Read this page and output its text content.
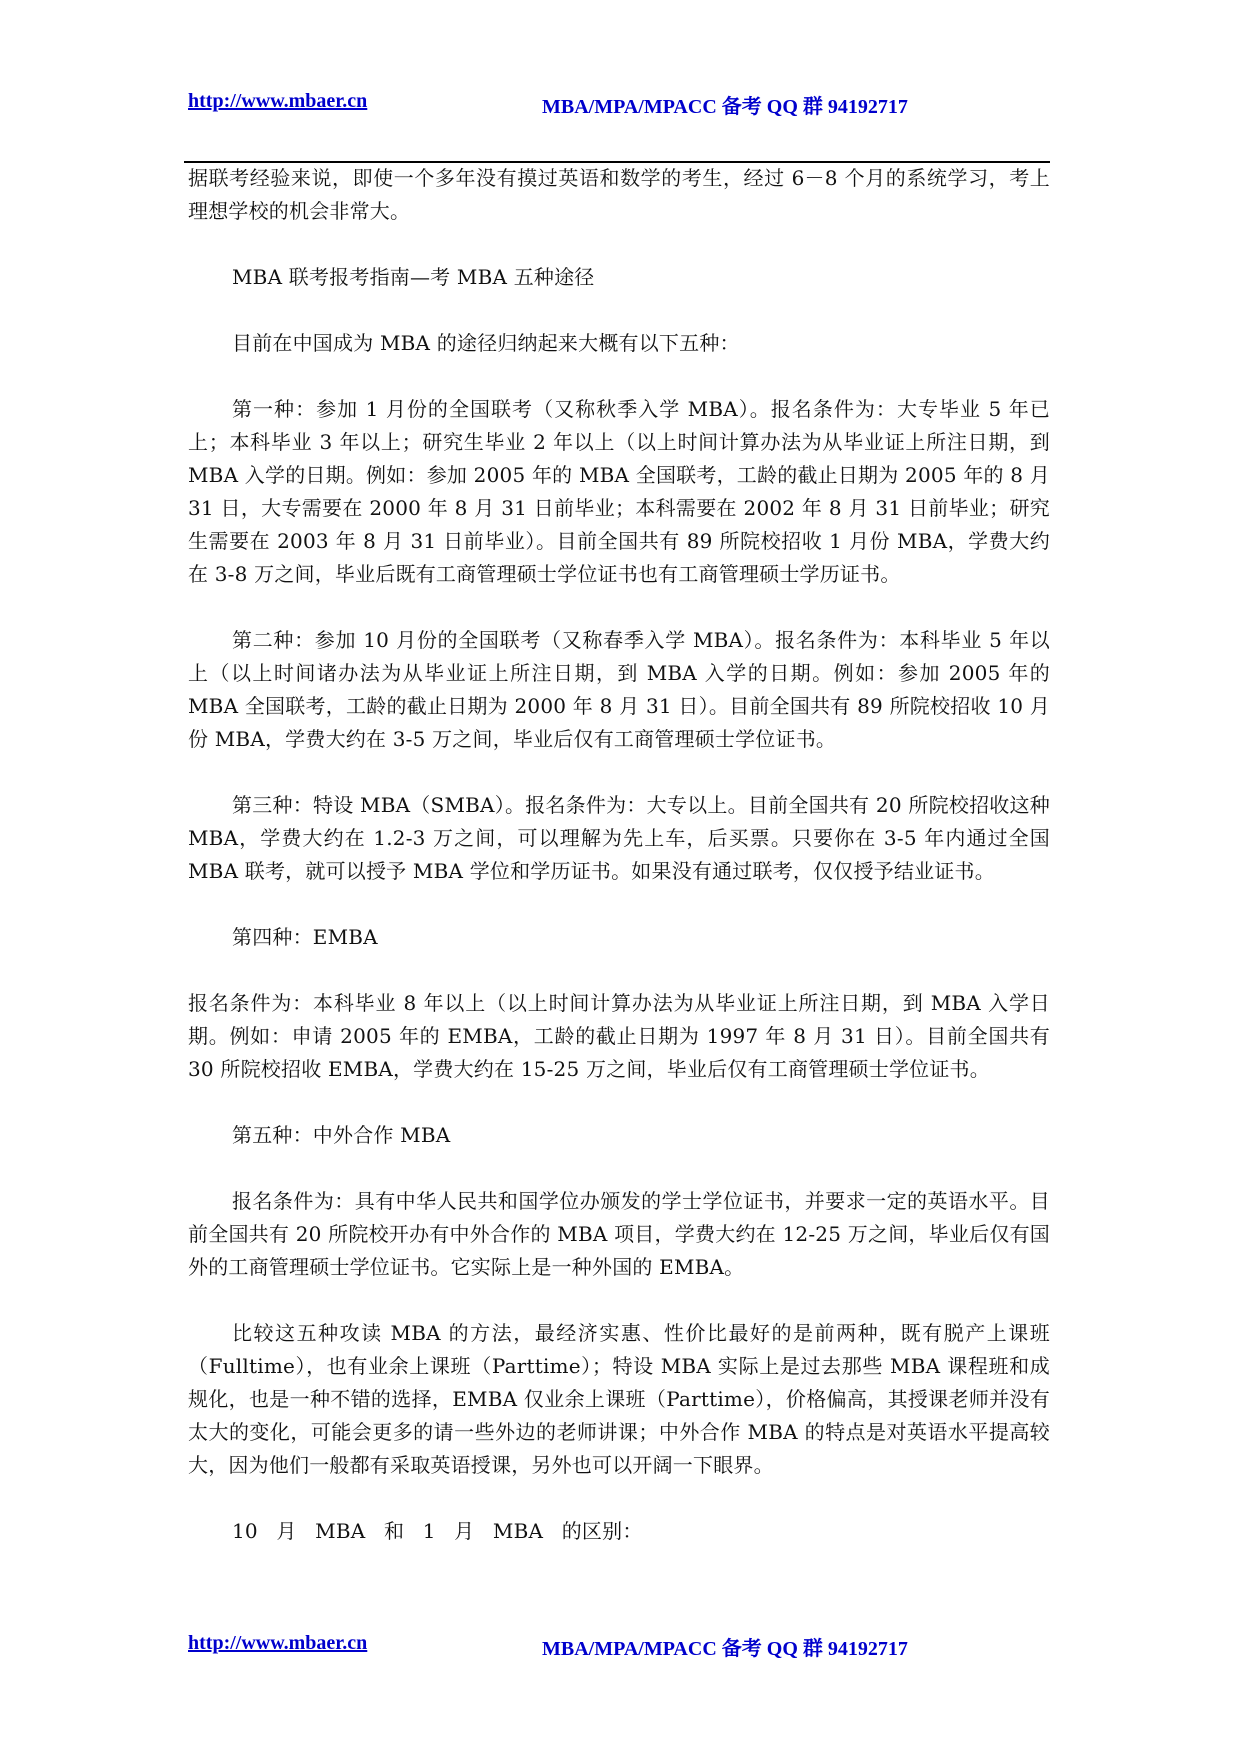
http://www.mbaer.cn	MBA/MPA/MPACC 备考 QQ 群 94192717

据联考经验来说，即使一个多年没有摸过英语和数学的考生，经过 6－8 个月的系统学习，考上理想学校的机会非常大。

MBA 联考报考指南—考 MBA 五种途径

目前在中国成为 MBA 的途径归纳起来大概有以下五种：

第一种：参加 1 月份的全国联考（又称秋季入学 MBA）。报名条件为：大专毕业 5 年已上；本科毕业 3 年以上；研究生毕业 2 年以上（以上时间计算办法为从毕业证上所注日期，到 MBA 入学的日期。例如：参加 2005 年的 MBA 全国联考，工龄的截止日期为 2005 年的 8 月 31 日，大专需要在 2000 年 8 月 31 日前毕业；本科需要在 2002 年 8 月 31 日前毕业；研究生需要在 2003 年 8 月 31 日前毕业）。目前全国共有 89 所院校招收 1 月份 MBA，学费大约在 3-8 万之间，毕业后既有工商管理硕士学位证书也有工商管理硕士学历证书。

第二种：参加 10 月份的全国联考（又称春季入学 MBA）。报名条件为：本科毕业 5 年以上（以上时间诸办法为从毕业证上所注日期，到 MBA 入学的日期。例如：参加 2005 年的 MBA 全国联考，工龄的截止日期为 2000 年 8 月 31 日）。目前全国共有 89 所院校招收 10 月份 MBA，学费大约在 3-5 万之间，毕业后仅有工商管理硕士学位证书。

第三种：特设 MBA（SMBA）。报名条件为：大专以上。目前全国共有 20 所院校招收这种 MBA，学费大约在 1.2-3 万之间，可以理解为先上车，后买票。只要你在 3-5 年内通过全国 MBA 联考，就可以授予 MBA 学位和学历证书。如果没有通过联考，仅仅授予结业证书。

第四种：EMBA

报名条件为：本科毕业 8 年以上（以上时间计算办法为从毕业证上所注日期，到 MBA 入学日期。例如：申请 2005 年的 EMBA，工龄的截止日期为 1997 年 8 月 31 日）。目前全国共有 30 所院校招收 EMBA，学费大约在 15-25 万之间，毕业后仅有工商管理硕士学位证书。

第五种：中外合作 MBA

报名条件为：具有中华人民共和国学位办颁发的学士学位证书，并要求一定的英语水平。目前全国共有 20 所院校开办有中外合作的 MBA 项目，学费大约在 12-25 万之间，毕业后仅有国外的工商管理硕士学位证书。它实际上是一种外国的 EMBA。

比较这五种攻读 MBA 的方法，最经济实惠、性价比最好的是前两种，既有脱产上课班（Fulltime），也有业余上课班（Parttime）；特设 MBA 实际上是过去那些 MBA 课程班和成规化，也是一种不错的选择，EMBA 仅业余上课班（Parttime），价格偏高，其授课老师并没有太大的变化，可能会更多的请一些外边的老师讲课；中外合作 MBA 的特点是对英语水平提高较大，因为他们一般都有采取英语授课，另外也可以开阔一下眼界。

10 月 MBA 和 1 月 MBA 的区别：

http://www.mbaer.cn	MBA/MPA/MPACC 备考 QQ 群 94192717
